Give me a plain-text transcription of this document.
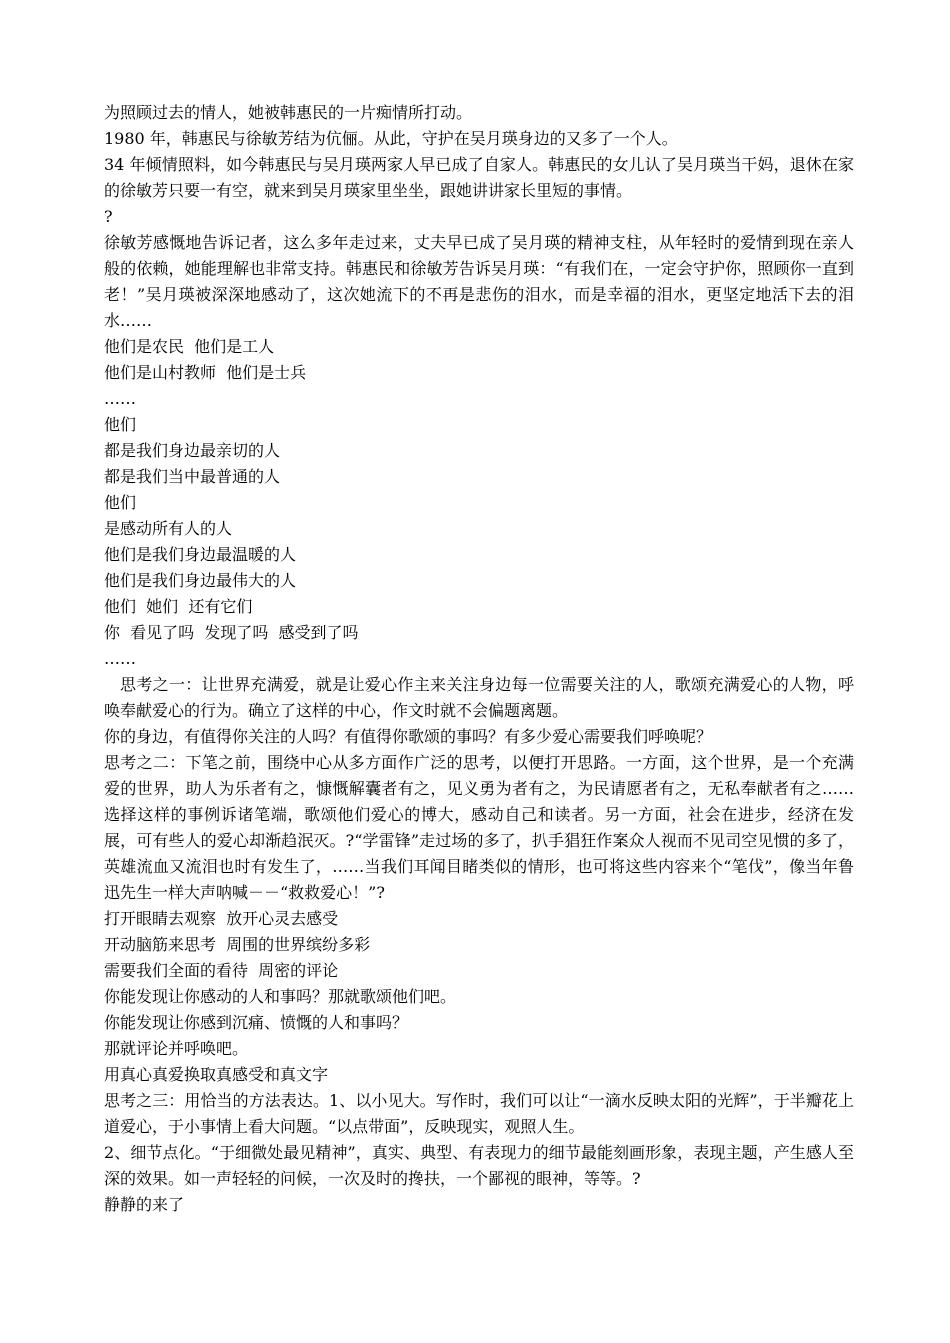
为照顾过去的情人，她被韩惠民的一片痴情所打动。

1980 年，韩惠民与徐敏芳结为伉俪。从此，守护在吴月瑛身边的又多了一个人。

34 年倾情照料，如今韩惠民与吴月瑛两家人早已成了自家人。韩惠民的女儿认了吴月瑛当干妈，退休在家的徐敏芳只要一有空，就来到吴月瑛家里坐坐，跟她讲讲家长里短的事情。

?

徐敏芳感慨地告诉记者，这么多年走过来，丈夫早已成了吴月瑛的精神支柱，从年轻时的爱情到现在亲人般的依赖，她能理解也非常支持。韩惠民和徐敏芳告诉吴月瑛：“有我们在，一定会守护你，照顾你一直到老！”吴月瑛被深深地感动了，这次她流下的不再是悲伤的泪水，而是幸福的泪水，更坚定地活下去的泪水……

他们是农民  他们是工人

他们是山村教师  他们是士兵

……

他们

都是我们身边最亲切的人

都是我们当中最普通的人

他们

是感动所有人的人

他们是我们身边最温暖的人

他们是我们身边最伟大的人

他们  她们  还有它们

你  看见了吗  发现了吗  感受到了吗

……

思考之一：让世界充满爱，就是让爱心作主来关注身边每一位需要关注的人，歌颂充满爱心的人物，呼唤奉献爱心的行为。确立了这样的中心，作文时就不会偏题离题。

你的身边，有值得你关注的人吗？有值得你歌颂的事吗？有多少爱心需要我们呼唤呢？

思考之二：下笔之前，围绕中心从多方面作广泛的思考，以便打开思路。一方面，这个世界，是一个充满爱的世界，助人为乐者有之，慷慨解囊者有之，见义勇为者有之，为民请愿者有之，无私奉献者有之……选择这样的事例诉诸笔端，歌颂他们爱心的博大，感动自己和读者。另一方面，社会在进步，经济在发展，可有些人的爱心却渐趋泯灭。?“学雷锋”走过场的多了，扒手猖狂作案众人视而不见司空见惯的多了，英雄流血又流泪也时有发生了，……当我们耳闻目睹类似的情形，也可将这些内容来个“笔伐”，像当年鲁迅先生一样大声呐喊－－“救救爱心！”?

打开眼睛去观察  放开心灵去感受

开动脑筋来思考  周围的世界缤纷多彩

需要我们全面的看待  周密的评论

你能发现让你感动的人和事吗？那就歌颂他们吧。

你能发现让你感到沉痛、愤慨的人和事吗？

那就评论并呼唤吧。

用真心真爱换取真感受和真文字

思考之三：用恰当的方法表达。1、以小见大。写作时，我们可以让“一滴水反映太阳的光辉”，于半瓣花上道爱心，于小事情上看大问题。“以点带面”，反映现实，观照人生。

2、细节点化。“于细微处最见精神”，真实、典型、有表现力的细节最能刻画形象，表现主题，产生感人至深的效果。如一声轻轻的问候，一次及时的搀扶，一个鄙视的眼神，等等。?

静静的来了
